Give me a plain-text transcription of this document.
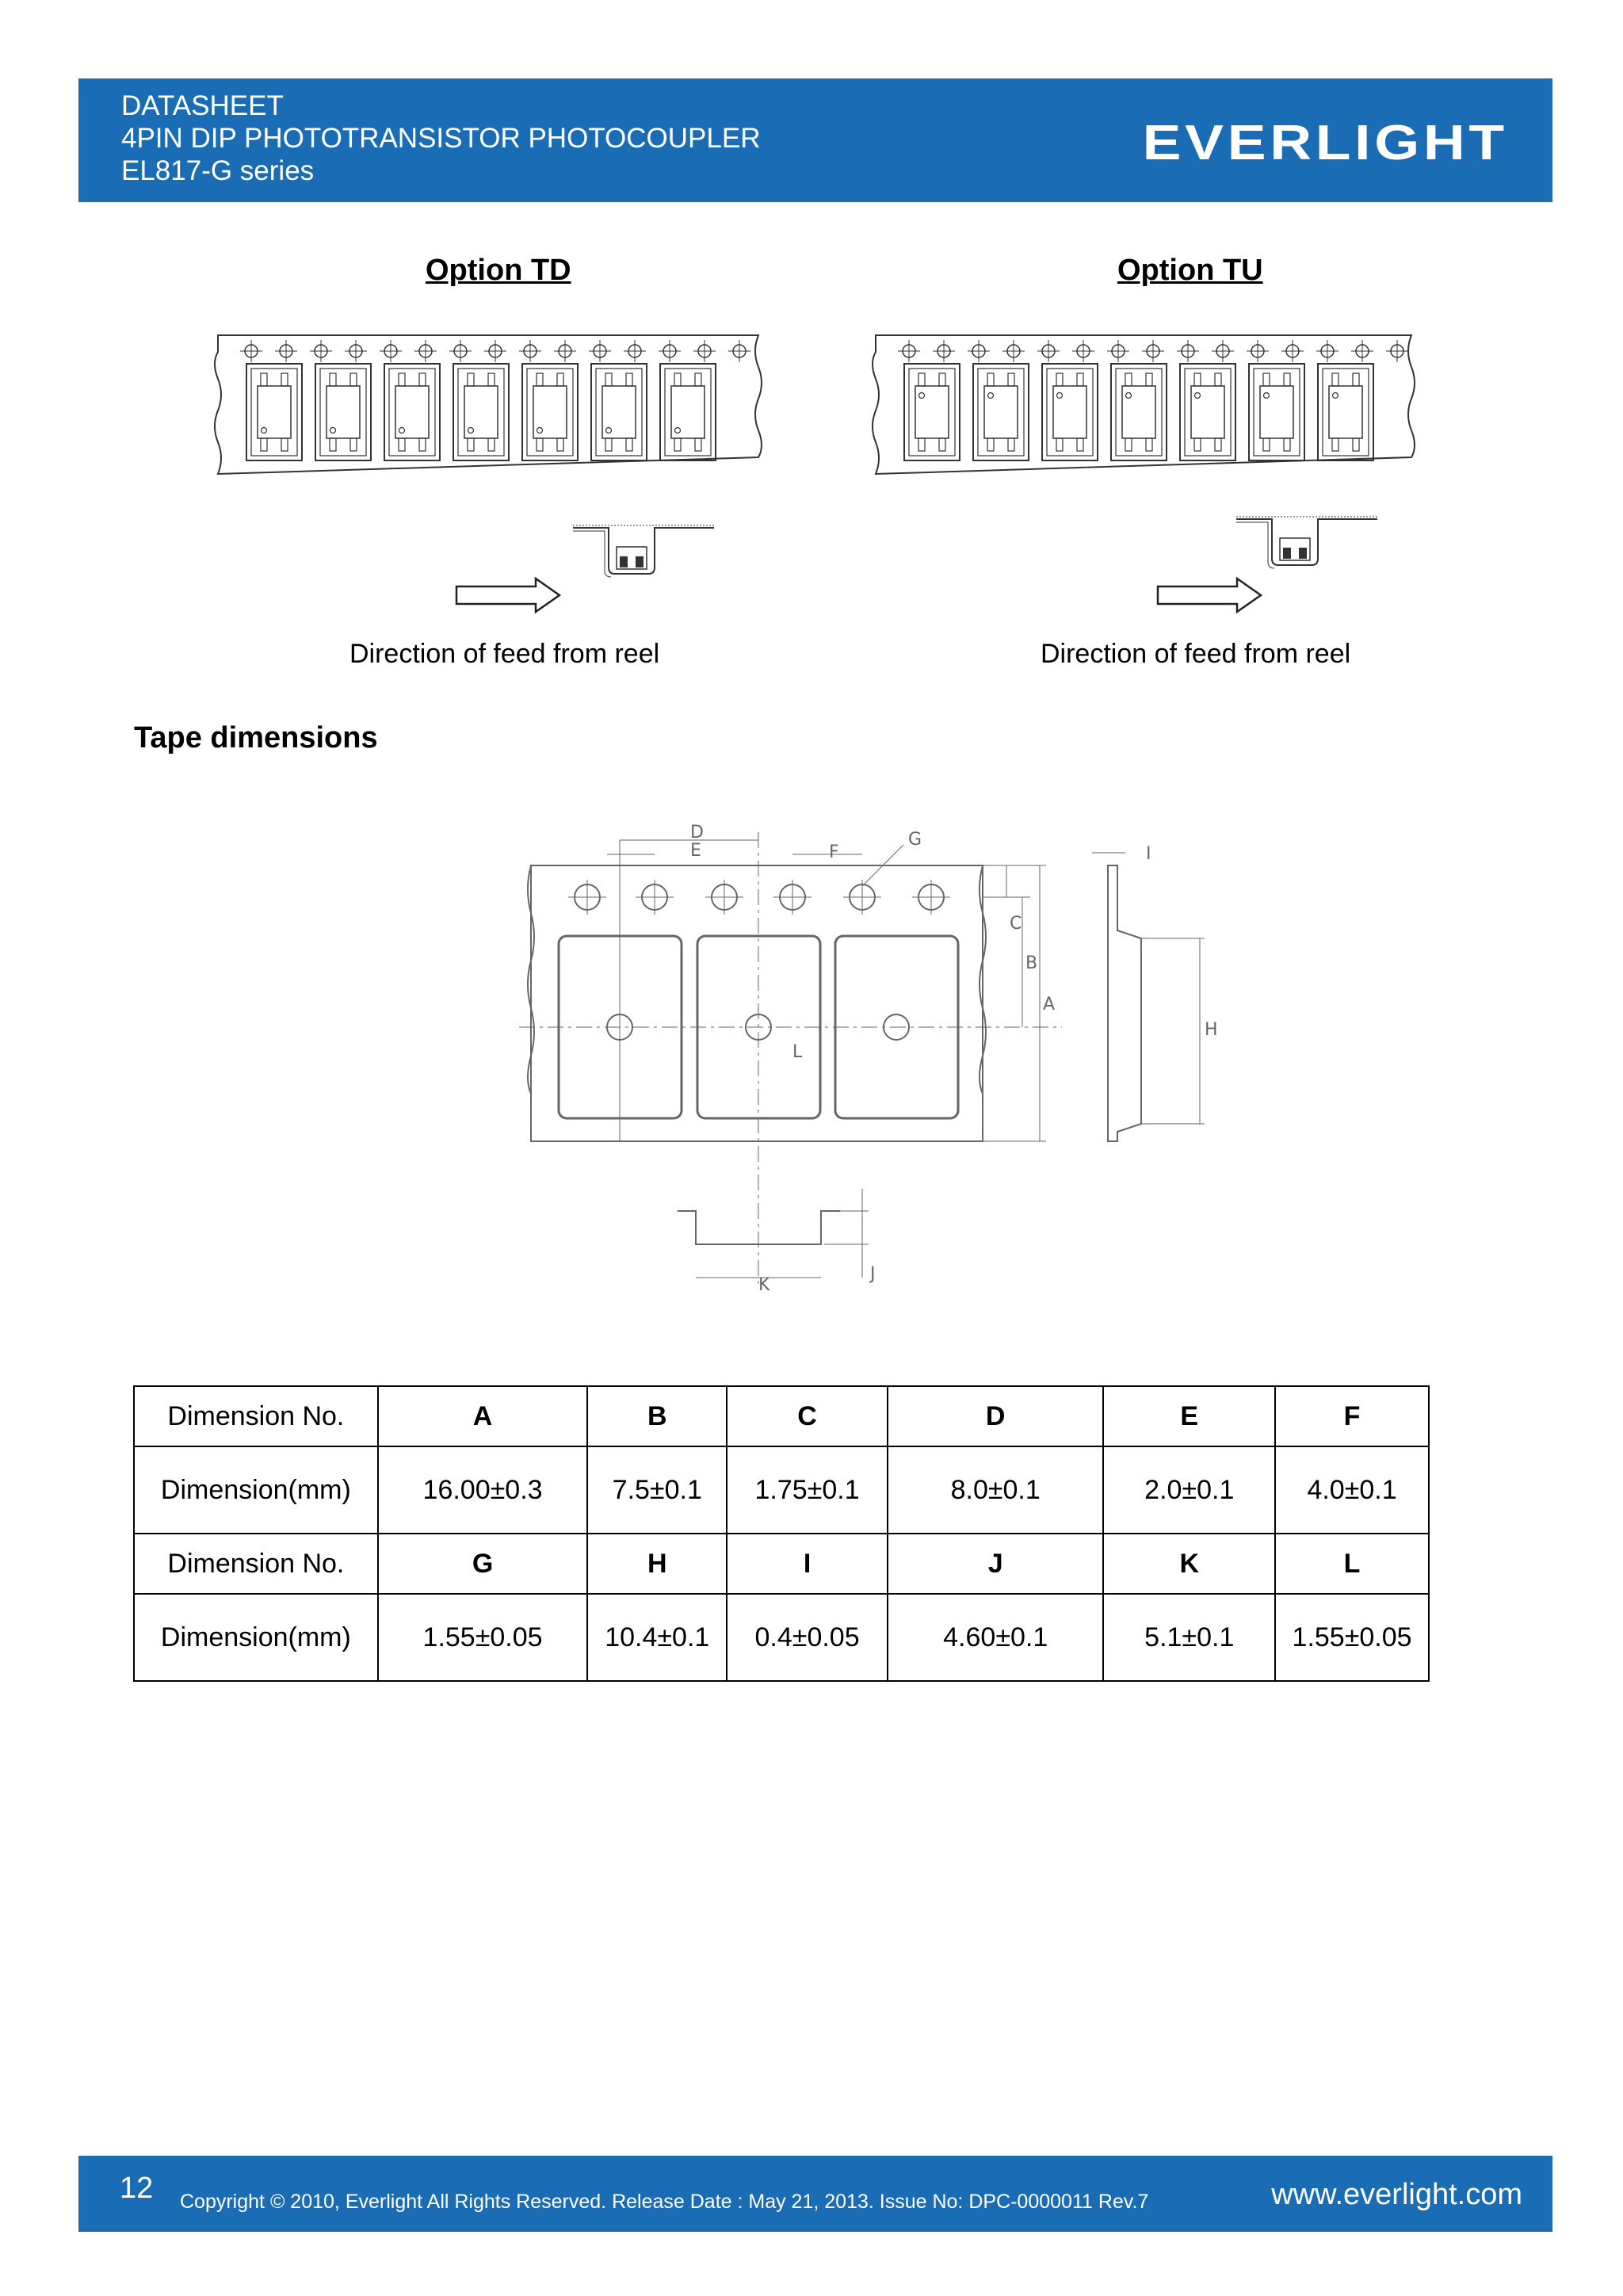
DATASHEET
4PIN DIP PHOTOTRANSISTOR PHOTOCOUPLER
EL817-G series
EVERLIGHT
Option TD	Option TU
D
E	F
G
I
C
B
A
H
L
J
K
Direction of feed from reel	Direction of feed from reel
Tape dimensions
Dimension No.	A	B	C	D	E	F
Dimension(mm)	16.00±0.3	7.5±0.1	1.75±0.1	8.0±0.1	2.0±0.1	4.0±0.1
Dimension No.	G	H	I	J	K	L
Dimension(mm)	1.55±0.05	10.4±0.1	0.4±0.05	4.60±0.1	5.1±0.1	1.55±0.05
12 Copyright © 2010, Everlight All Rights Reserved. Release Date : May 21, 2013. Issue No: DPC-0000011 Rev.7	www.everlight.com
